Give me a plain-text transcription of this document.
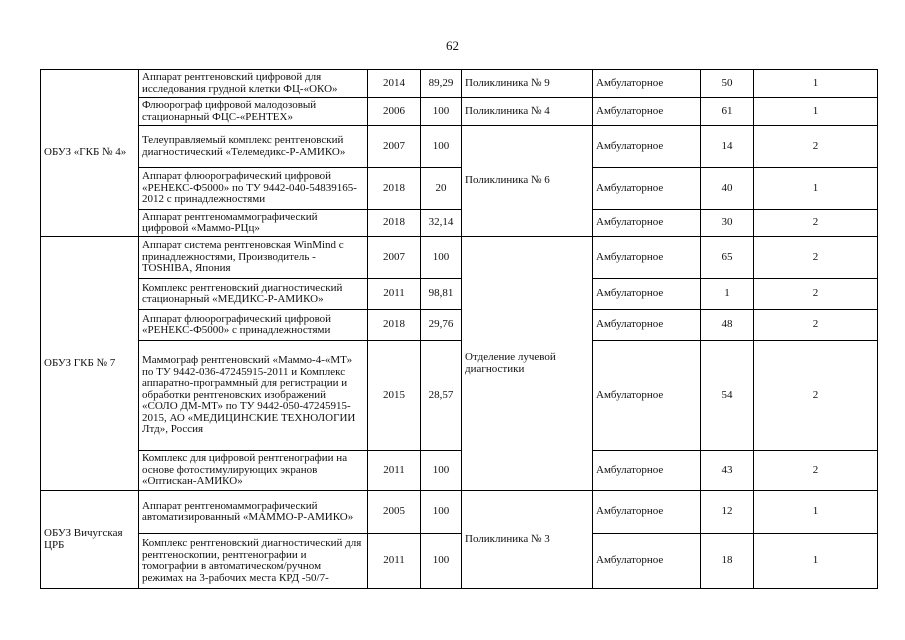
62
ОБУЗ «ГКБ № 4»	Аппарат рентгеновский цифровой для исследования грудной клетки ФЦ-«ОКО»	2014	89,29	Поликлиника № 9	Амбулаторное	50	1
	Флюорограф цифровой малодозовый стационарный ФЦС-«РЕНТЕХ»	2006	100	Поликлиника № 4	Амбулаторное	61	1
	Телеуправляемый комплекс рентгеновский диагностический «Телемедикс-Р-АМИКО»	2007	100	Поликлиника № 6	Амбулаторное	14	2
	Аппарат флюорографический цифровой «РЕНЕКС-Ф5000» по ТУ 9442-040-54839165-2012 с принадлежностями	2018	20		Амбулаторное	40	1
	Аппарат рентгеномаммографический цифровой «Маммо-РЦц»	2018	32,14		Амбулаторное	30	2
ОБУЗ ГКБ № 7	Аппарат система рентгеновская WinMind с принадлежностями, Производитель - TOSHIBA, Япония	2007	100	Отделение лучевой диагностики	Амбулаторное	65	2
	Комплекс рентгеновский диагностический стационарный «МЕДИКС-Р-АМИКО»	2011	98,81		Амбулаторное	1	2
	Аппарат флюорографический цифровой «РЕНЕКС-Ф5000» с принадлежностями	2018	29,76		Амбулаторное	48	2
	Маммограф рентгеновский «Маммо-4-«МТ» по ТУ 9442-036-47245915-2011 и Комплекс аппаратно-программный для регистрации и обработки рентгеновских изображений «СОЛО ДМ-МТ» по ТУ 9442-050-47245915-2015, АО «МЕДИЦИНСКИЕ ТЕХНОЛОГИИ Лтд», Россия	2015	28,57		Амбулаторное	54	2
	Комплекс для цифровой рентгенографии на основе фотостимулирующих экранов «Оптискан-АМИКО»	2011	100		Амбулаторное	43	2
ОБУЗ Вичугская ЦРБ	Аппарат рентгеномаммографический автоматизированный «МАММО-Р-АМИКО»	2005	100	Поликлиника № 3	Амбулаторное	12	1
	Комплекс рентгеновский диагностический для рентгеноскопии, рентгенографии и томографии в автоматическом/ручном режимах на 3-рабочих места КРД -50/7-	2011	100		Амбулаторное	18	1
